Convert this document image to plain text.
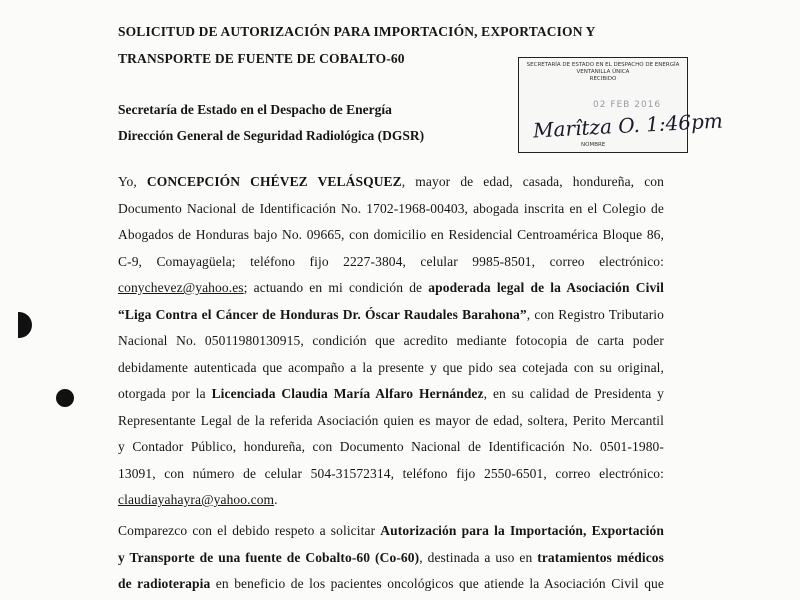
SOLICITUD DE AUTORIZACIÓN PARA IMPORTACIÓN, EXPORTACION Y
TRANSPORTE DE FUENTE DE COBALTO-60
Secretaría de Estado en el Despacho de Energía
Dirección General de Seguridad Radiológica (DGSR)
SECRETARÍA DE ESTADO EN EL DESPACHO DE ENERGÍA
VENTANILLA ÚNICA
RECIBIDO
02 FEB 2016
Marîtza O. 1:46pm
NOMBRE
Yo, CONCEPCIÓN CHÉVEZ VELÁSQUEZ, mayor de edad, casada, hondureña, con
Documento Nacional de Identificación No. 1702-1968-00403, abogada inscrita en el Colegio de
Abogados de Honduras bajo No. 09665, con domicilio en Residencial Centroamérica Bloque 86,
C-9, Comayagüela; teléfono fijo 2227-3804, celular 9985-8501, correo electrónico:
conychevez@yahoo.es; actuando en mi condición de apoderada legal de la Asociación Civil
“Liga Contra el Cáncer de Honduras Dr. Óscar Raudales Barahona”, con Registro Tributario
Nacional No. 05011980130915, condición que acredito mediante fotocopia de carta poder
debidamente autenticada que acompaño a la presente y que pido sea cotejada con su original,
otorgada por la Licenciada Claudia María Alfaro Hernández, en su calidad de Presidenta y
Representante Legal de la referida Asociación quien es mayor de edad, soltera, Perito Mercantil
y Contador Público, hondureña, con Documento Nacional de Identificación No. 0501-1980-
13091, con número de celular 504-31572314, teléfono fijo 2550-6501, correo electrónico:
claudiayahayra@yahoo.com.
Comparezco con el debido respeto a solicitar Autorización para la Importación, Exportación
y Transporte de una fuente de Cobalto-60 (Co-60), destinada a uso en tratamientos médicos
de radioterapia en beneficio de los pacientes oncológicos que atiende la Asociación Civil que
